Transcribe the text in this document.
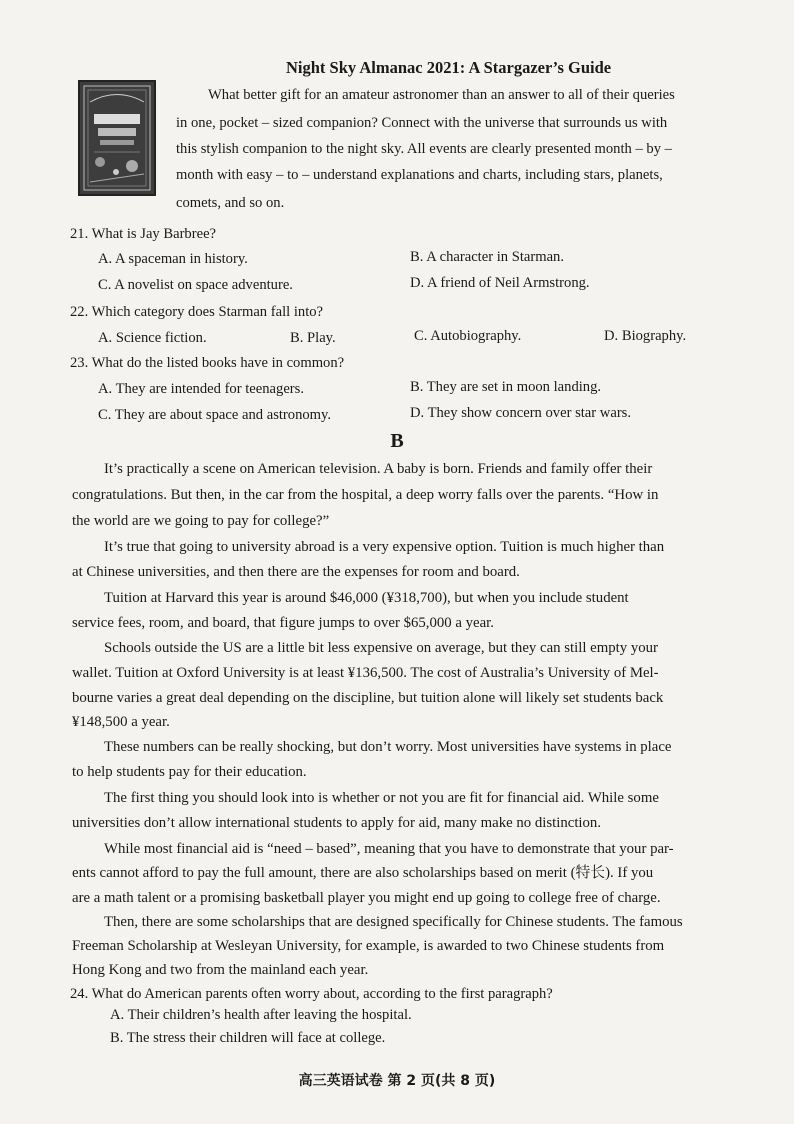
Night Sky Almanac 2021: A Stargazer’s Guide
What better gift for an amateur astronomer than an answer to all of their queries
in one, pocket – sized companion? Connect with the universe that surrounds us with
this stylish companion to the night sky. All events are clearly presented month – by –
month with easy – to – understand explanations and charts, including stars, planets,
comets, and so on.
21. What is Jay Barbree?
A. A spaceman in history.	B. A character in Starman.
C. A novelist on space adventure.	D. A friend of Neil Armstrong.
22. Which category does Starman fall into?
A. Science fiction.	B. Play.	C. Autobiography.	D. Biography.
23. What do the listed books have in common?
A. They are intended for teenagers.	B. They are set in moon landing.
C. They are about space and astronomy.	D. They show concern over star wars.
B
It’s practically a scene on American television. A baby is born. Friends and family offer their
congratulations. But then, in the car from the hospital, a deep worry falls over the parents. “How in
the world are we going to pay for college?”
It’s true that going to university abroad is a very expensive option. Tuition is much higher than
at Chinese universities, and then there are the expenses for room and board.
Tuition at Harvard this year is around $46,000 (¥318,700), but when you include student
service fees, room, and board, that figure jumps to over $65,000 a year.
Schools outside the US are a little bit less expensive on average, but they can still empty your
wallet. Tuition at Oxford University is at least ¥136,500. The cost of Australia’s University of Mel-
bourne varies a great deal depending on the discipline, but tuition alone will likely set students back
¥148,500 a year.
These numbers can be really shocking, but don’t worry. Most universities have systems in place
to help students pay for their education.
The first thing you should look into is whether or not you are fit for financial aid. While some
universities don’t allow international students to apply for aid, many make no distinction.
While most financial aid is “need – based”, meaning that you have to demonstrate that your par-
ents cannot afford to pay the full amount, there are also scholarships based on merit (特长). If you
are a math talent or a promising basketball player you might end up going to college free of charge.
Then, there are some scholarships that are designed specifically for Chinese students. The famous
Freeman Scholarship at Wesleyan University, for example, is awarded to two Chinese students from
Hong Kong and two from the mainland each year.
24. What do American parents often worry about, according to the first paragraph?
A. Their children’s health after leaving the hospital.
B. The stress their children will face at college.
高三英语试卷 第 2 页(共 8 页)
